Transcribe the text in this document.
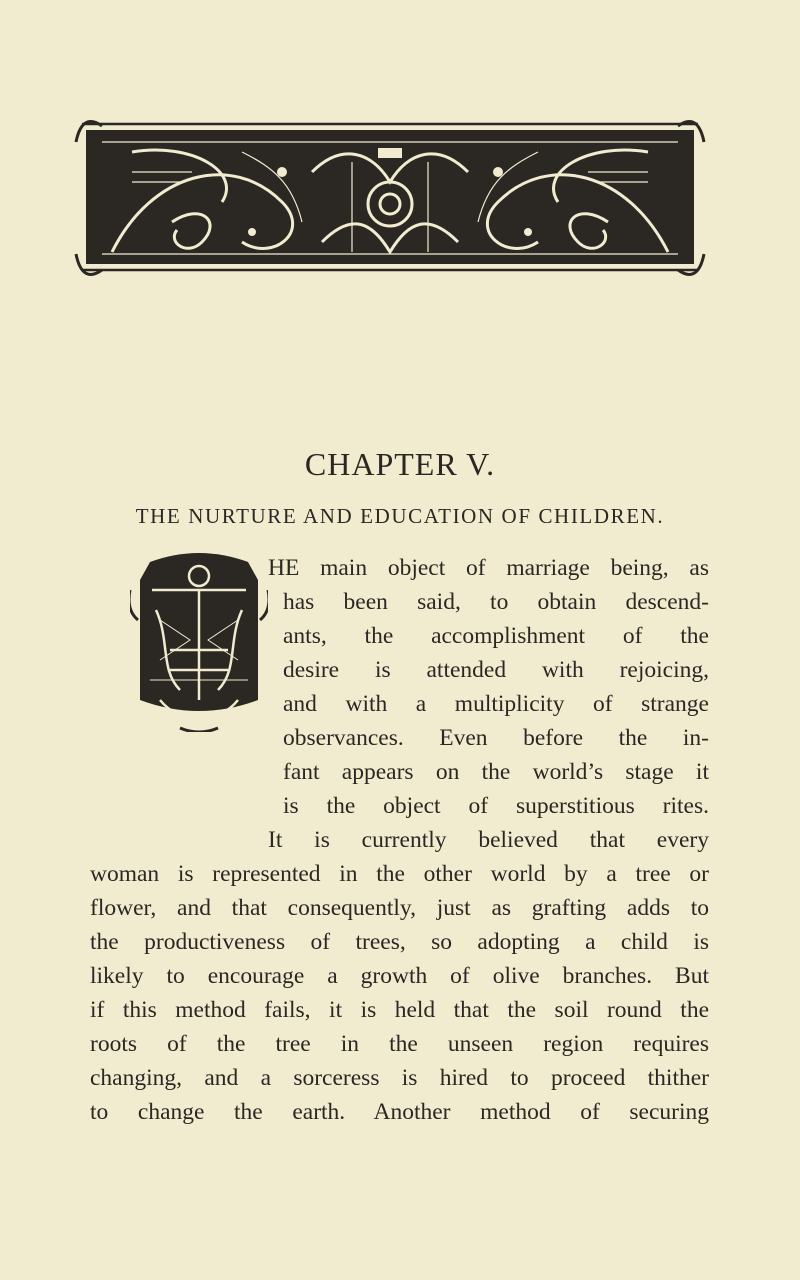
CHAPTER V.
THE NURTURE AND EDUCATION OF CHILDREN.
HE main object of marriage being, as
has been said, to obtain descend-
ants, the accomplishment of the
desire is attended with rejoicing,
and with a multiplicity of strange
observances. Even before the in-
fant appears on the world’s stage it
is the object of superstitious rites.
It is currently believed that every
woman is represented in the other world by a tree or
flower, and that consequently, just as grafting adds to
the productiveness of trees, so adopting a child is
likely to encourage a growth of olive branches. But
if this method fails, it is held that the soil round the
roots of the tree in the unseen region requires
changing, and a sorceress is hired to proceed thither
to change the earth. Another method of securing
